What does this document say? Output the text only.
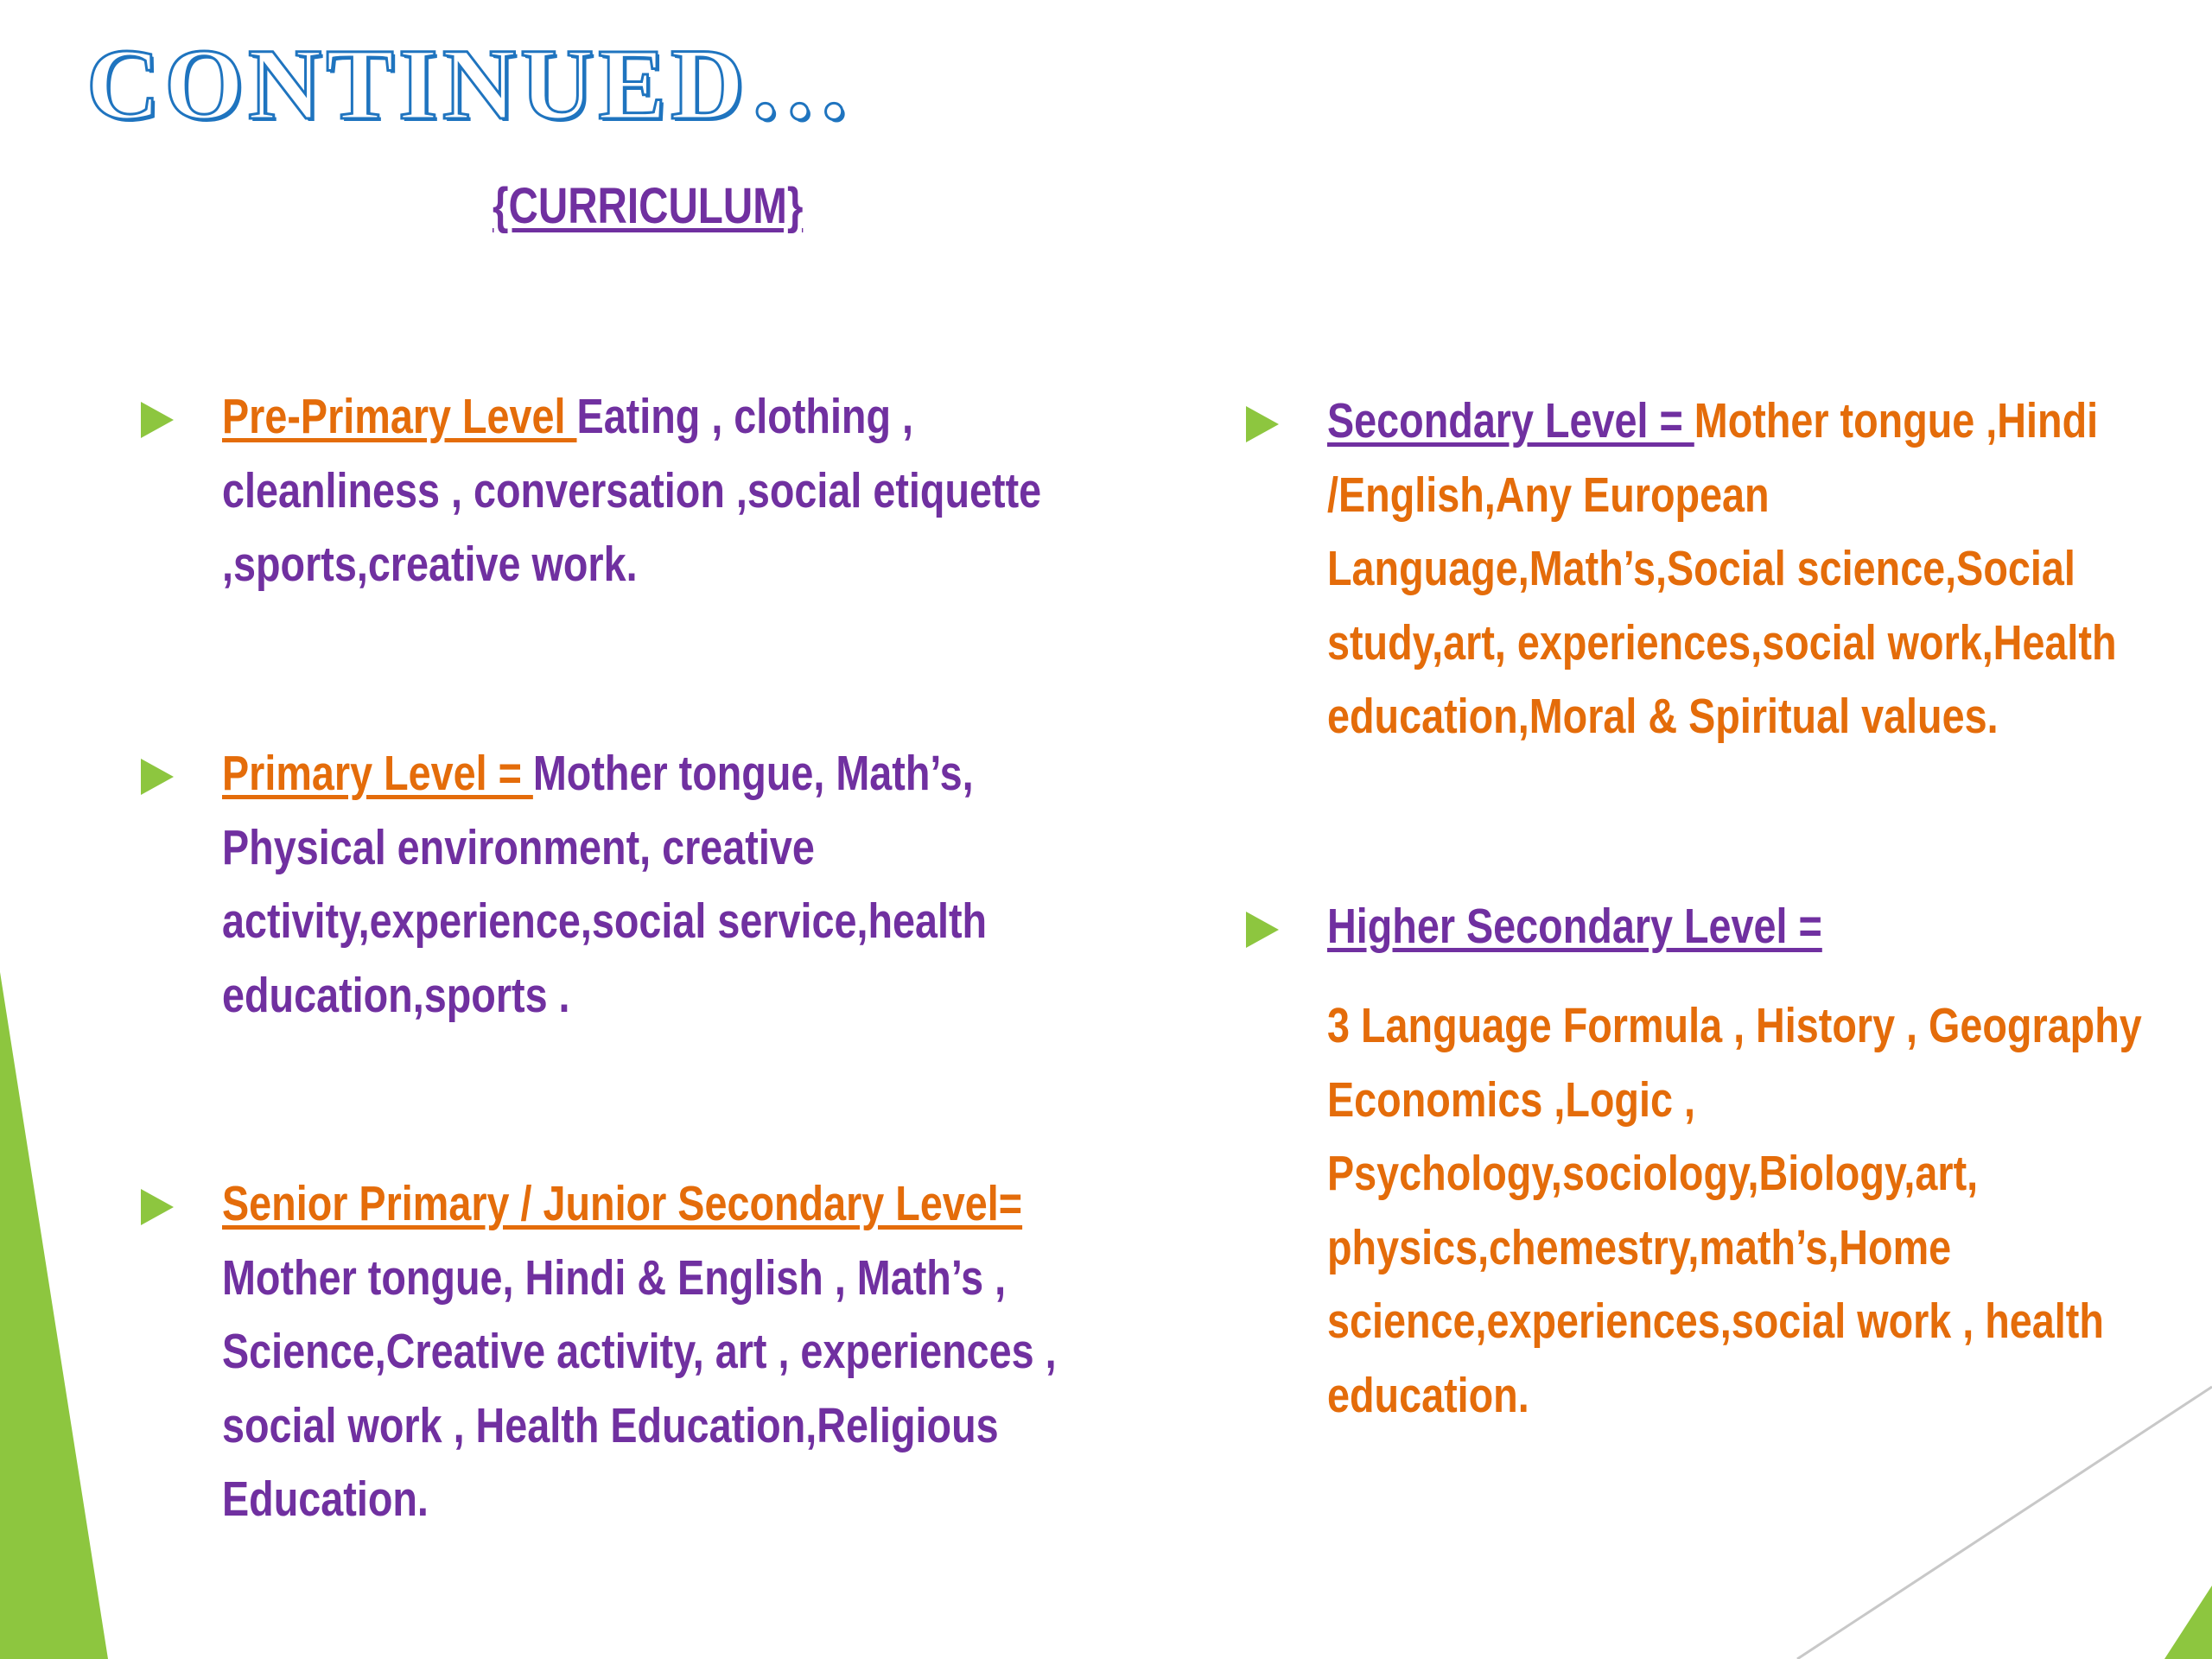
CONTINUED…
{CURRICULUM}
Pre-Primary Level Eating , clothing ,
cleanliness , conversation ,social etiquette
,sports,creative work.
Primary Level = Mother tongue, Math’s,
Physical environment, creative
activity,experience,social service,health
education,sports .
Senior Primary / Junior Secondary Level=
Mother tongue, Hindi & English , Math’s ,
Science,Creative activity, art , experiences ,
social work , Health Education,Religious
Education.
Secondary Level = Mother tongue ,Hindi
/English,Any European
Language,Math’s,Social science,Social
study,art, experiences,social work,Health
education,Moral & Spiritual values.
Higher Secondary Level =
3 Language Formula , History , Geography
Economics ,Logic ,
Psychology,sociology,Biology,art,
physics,chemestry,math’s,Home
science,experiences,social work , health
education.
